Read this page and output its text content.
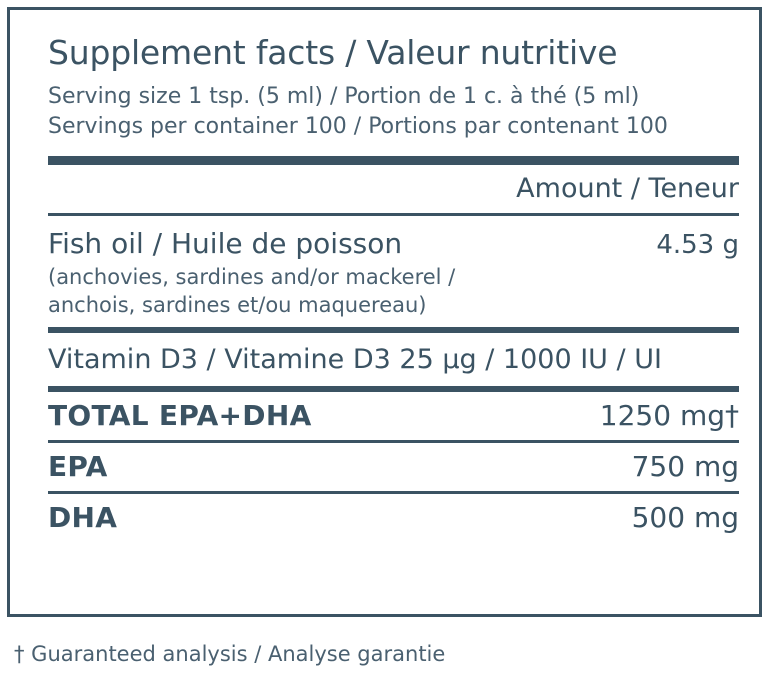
Supplement facts / Valeur nutritive
Serving size 1 tsp. (5 ml) / Portion de 1 c. à thé (5 ml)
Servings per container 100 / Portions par contenant 100
Amount / Teneur
Fish oil / Huile de poisson	4.53 g
(anchovies, sardines and/or mackerel /
anchois, sardines et/ou maquereau)
Vitamin D3 / Vitamine D3 25 µg / 1000 IU / UI
TOTAL EPA+DHA	1250 mg†
EPA	750 mg
DHA	500 mg
† Guaranteed analysis / Analyse garantie
